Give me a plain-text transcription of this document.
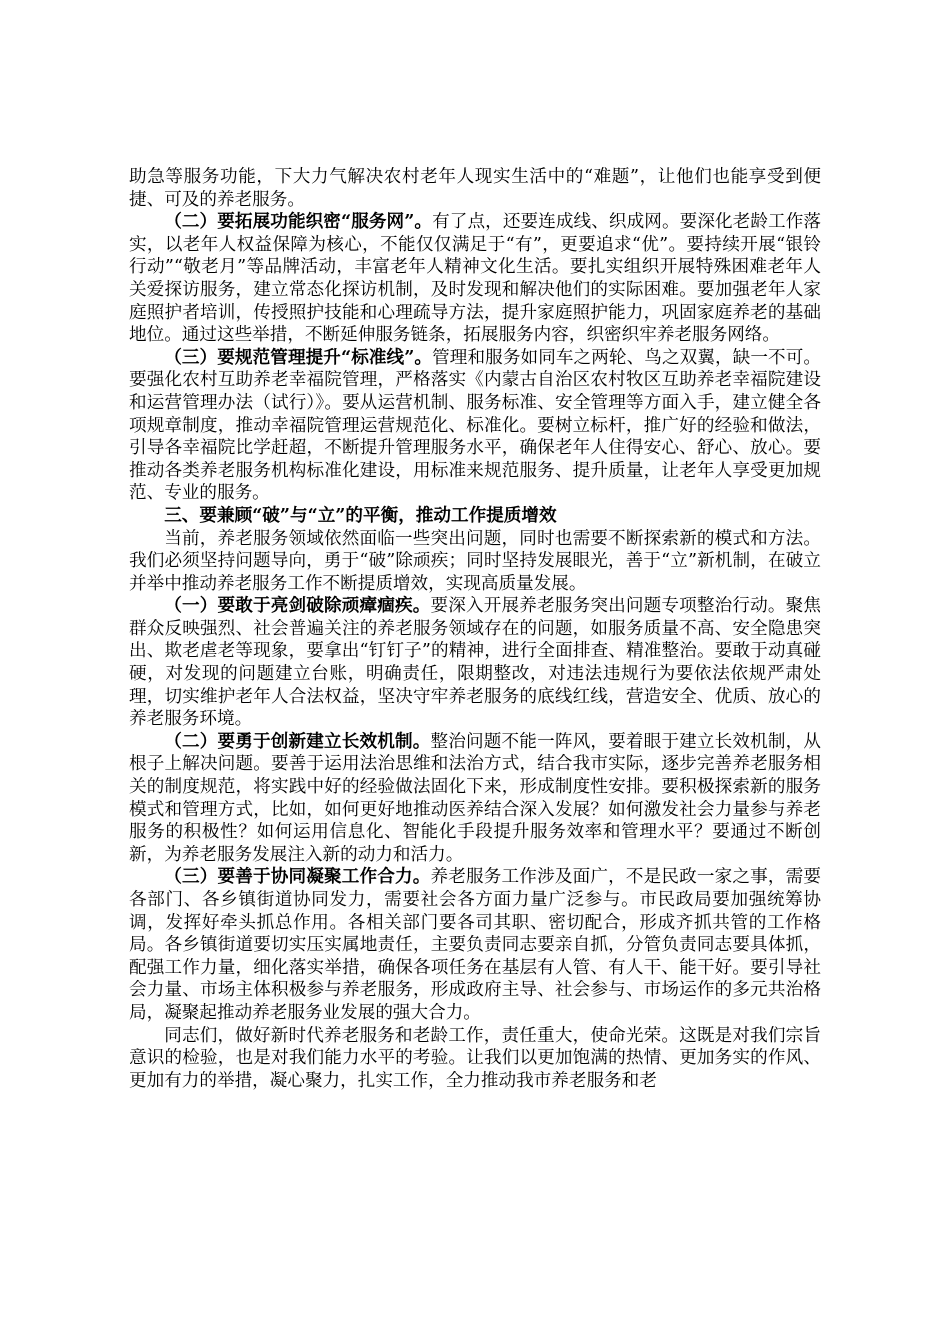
助急等服务功能，下大力气解决农村老年人现实生活中的“难题”，让他们也能享受到便捷、可及的养老服务。

（二）要拓展功能织密“服务网”。有了点，还要连成线、织成网。要深化老龄工作落实，以老年人权益保障为核心，不能仅仅满足于“有”，更要追求“优”。要持续开展“银铃行动”“敬老月”等品牌活动，丰富老年人精神文化生活。要扎实组织开展特殊困难老年人关爱探访服务，建立常态化探访机制，及时发现和解决他们的实际困难。要加强老年人家庭照护者培训，传授照护技能和心理疏导方法，提升家庭照护能力，巩固家庭养老的基础地位。通过这些举措，不断延伸服务链条，拓展服务内容，织密织牢养老服务网络。

（三）要规范管理提升“标准线”。管理和服务如同车之两轮、鸟之双翼，缺一不可。要强化农村互助养老幸福院管理，严格落实《内蒙古自治区农村牧区互助养老幸福院建设和运营管理办法（试行）》。要从运营机制、服务标准、安全管理等方面入手，建立健全各项规章制度，推动幸福院管理运营规范化、标准化。要树立标杆，推广好的经验和做法，引导各幸福院比学赶超，不断提升管理服务水平，确保老年人住得安心、舒心、放心。要推动各类养老服务机构标准化建设，用标准来规范服务、提升质量，让老年人享受更加规范、专业的服务。

三、要兼顾“破”与“立”的平衡，推动工作提质增效

当前，养老服务领域依然面临一些突出问题，同时也需要不断探索新的模式和方法。我们必须坚持问题导向，勇于“破”除顽疾；同时坚持发展眼光，善于“立”新机制，在破立并举中推动养老服务工作不断提质增效，实现高质量发展。

（一）要敢于亮剑破除顽瘴痼疾。要深入开展养老服务突出问题专项整治行动。聚焦群众反映强烈、社会普遍关注的养老服务领域存在的问题，如服务质量不高、安全隐患突出、欺老虐老等现象，要拿出“钉钉子”的精神，进行全面排查、精准整治。要敢于动真碰硬，对发现的问题建立台账，明确责任，限期整改，对违法违规行为要依法依规严肃处理，切实维护老年人合法权益，坚决守牢养老服务的底线红线，营造安全、优质、放心的养老服务环境。

（二）要勇于创新建立长效机制。整治问题不能一阵风，要着眼于建立长效机制，从根子上解决问题。要善于运用法治思维和法治方式，结合我市实际，逐步完善养老服务相关的制度规范，将实践中好的经验做法固化下来，形成制度性安排。要积极探索新的服务模式和管理方式，比如，如何更好地推动医养结合深入发展？如何激发社会力量参与养老服务的积极性？如何运用信息化、智能化手段提升服务效率和管理水平？要通过不断创新，为养老服务发展注入新的动力和活力。

（三）要善于协同凝聚工作合力。养老服务工作涉及面广，不是民政一家之事，需要各部门、各乡镇街道协同发力，需要社会各方面力量广泛参与。市民政局要加强统筹协调，发挥好牵头抓总作用。各相关部门要各司其职、密切配合，形成齐抓共管的工作格局。各乡镇街道要切实压实属地责任，主要负责同志要亲自抓，分管负责同志要具体抓，配强工作力量，细化落实举措，确保各项任务在基层有人管、有人干、能干好。要引导社会力量、市场主体积极参与养老服务，形成政府主导、社会参与、市场运作的多元共治格局，凝聚起推动养老服务业发展的强大合力。

同志们，做好新时代养老服务和老龄工作，责任重大，使命光荣。这既是对我们宗旨意识的检验，也是对我们能力水平的考验。让我们以更加饱满的热情、更加务实的作风、更加有力的举措，凝心聚力，扎实工作，全力推动我市养老服务和老
